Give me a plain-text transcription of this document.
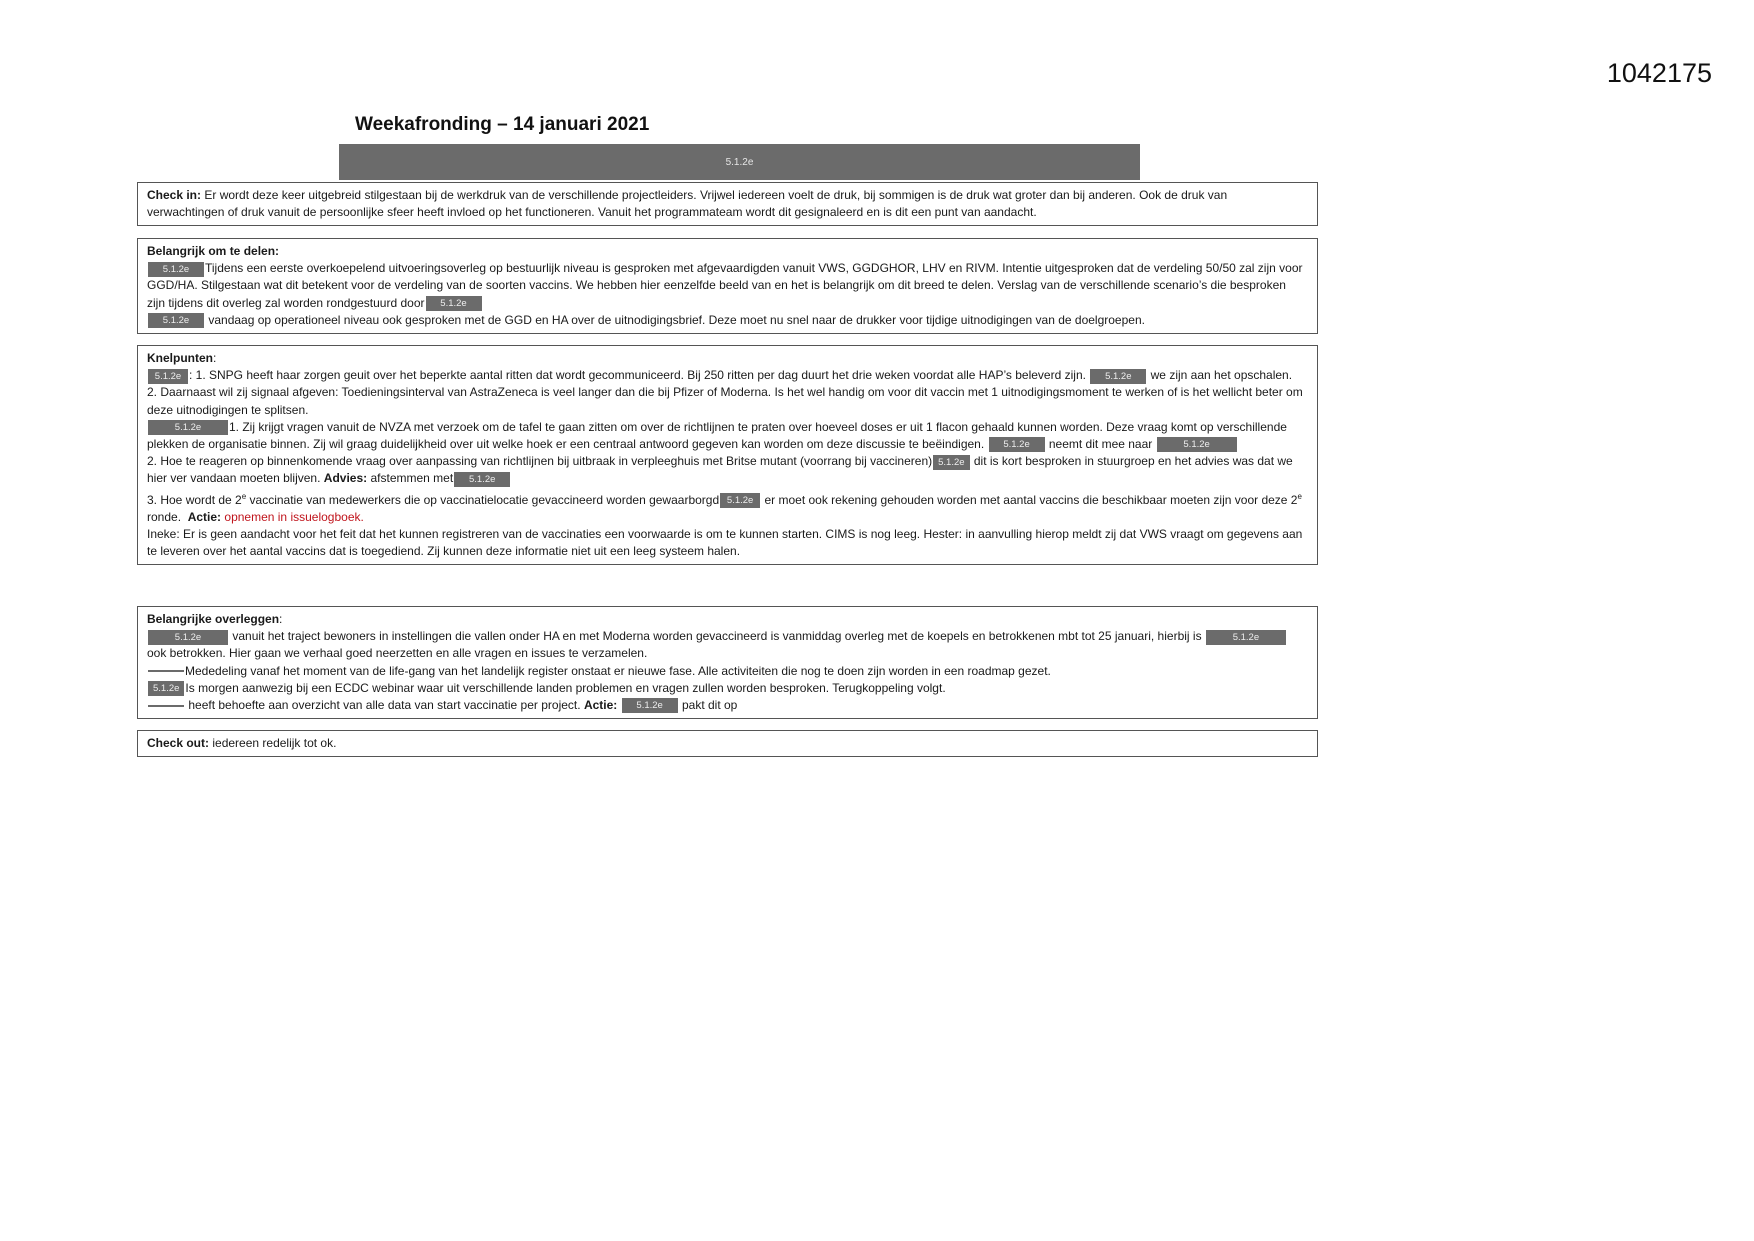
1042175
Weekafronding – 14 januari 2021
5.1.2e

Check in: Er wordt deze keer uitgebreid stilgestaan bij de werkdruk van de verschillende projectleiders. Vrijwel iedereen voelt de druk, bij sommigen is de druk wat groter dan bij anderen. Ook de druk van verwachtingen of druk vanuit de persoonlijke sfeer heeft invloed op het functioneren. Vanuit het programmateam wordt dit gesignaleerd en is dit een punt van aandacht.

Belangrijk om te delen:

5.1.2e Tijdens een eerste overkoepelend uitvoeringsoverleg op bestuurlijk niveau is gesproken met afgevaardigden vanuit VWS, GGDGHOR, LHV en RIVM. Intentie uitgesproken dat de verdeling 50/50 zal zijn voor GGD/HA. Stilgestaan wat dit betekent voor de verdeling van de soorten vaccins. We hebben hier eenzelfde beeld van en het is belangrijk om dit breed te delen. Verslag van de verschillende scenario’s die besproken zijn tijdens dit overleg zal worden rondgestuurd door 5.1.2e

5.1.2e vandaag op operationeel niveau ook gesproken met de GGD en HA over de uitnodigingsbrief. Deze moet nu snel naar de drukker voor tijdige uitnodigingen van de doelgroepen.

Knelpunten:

5.1.2e : 1. SNPG heeft haar zorgen geuit over het beperkte aantal ritten dat wordt gecommuniceerd. Bij 250 ritten per dag duurt het drie weken voordat alle HAP’s beleverd zijn. 5.1.2e we zijn aan het opschalen.

2. Daarnaast wil zij signaal afgeven: Toedieningsinterval van AstraZeneca is veel langer dan die bij Pfizer of Moderna. Is het wel handig om voor dit vaccin met 1 uitnodigingsmoment te werken of is het wellicht beter om deze uitnodigingen te splitsen.

5.1.2e 1. Zij krijgt vragen vanuit de NVZA met verzoek om de tafel te gaan zitten om over de richtlijnen te praten over hoeveel doses er uit 1 flacon gehaald kunnen worden. Deze vraag komt op verschillende plekken de organisatie binnen. Zij wil graag duidelijkheid over uit welke hoek er een centraal antwoord gegeven kan worden om deze discussie te beëindigen. 5.1.2e neemt dit mee naar	5.1.2e

2. Hoe te reageren op binnenkomende vraag over aanpassing van richtlijnen bij uitbraak in verpleeghuis met Britse mutant (voorrang bij vaccineren) 5.1.2e dit is kort besproken in stuurgroep en het advies was dat we hier ver vandaan moeten blijven. Advies: afstemmen met 5.1.2e

3. Hoe wordt de 2e vaccinatie van medewerkers die op vaccinatielocatie gevaccineerd worden gewaarborgd 5.1.2e er moet ook rekening gehouden worden met aantal vaccins die beschikbaar moeten zijn voor deze 2e ronde. Actie: opnemen in issuelogboek.

Ineke: Er is geen aandacht voor het feit dat het kunnen registreren van de vaccinaties een voorwaarde is om te kunnen starten. CIMS is nog leeg. Hester: in aanvulling hierop meldt zij dat VWS vraagt om gegevens aan te leveren over het aantal vaccins dat is toegediend. Zij kunnen deze informatie niet uit een leeg systeem halen.

Belangrijke overleggen:

5.1.2e	vanuit het traject bewoners in instellingen die vallen onder HA en met Moderna worden gevaccineerd is vanmiddag overleg met de koepels en betrokkenen mbt tot 25 januari, hierbij is	5.1.2e ook betrokken. Hier gaan we verhaal goed neerzetten en alle vragen en issues te verzamelen.

Mededeling vanaf het moment van de life-gang van het landelijk register onstaat er nieuwe fase. Alle activiteiten die nog te doen zijn worden in een roadmap gezet.

5.1.2e Is morgen aanwezig bij een ECDC webinar waar uit verschillende landen problemen en vragen zullen worden besproken. Terugkoppeling volgt.

heeft behoefte aan overzicht van alle data van start vaccinatie per project. Actie: 5.1.2e pakt dit op

Check out: iedereen redelijk tot ok.
